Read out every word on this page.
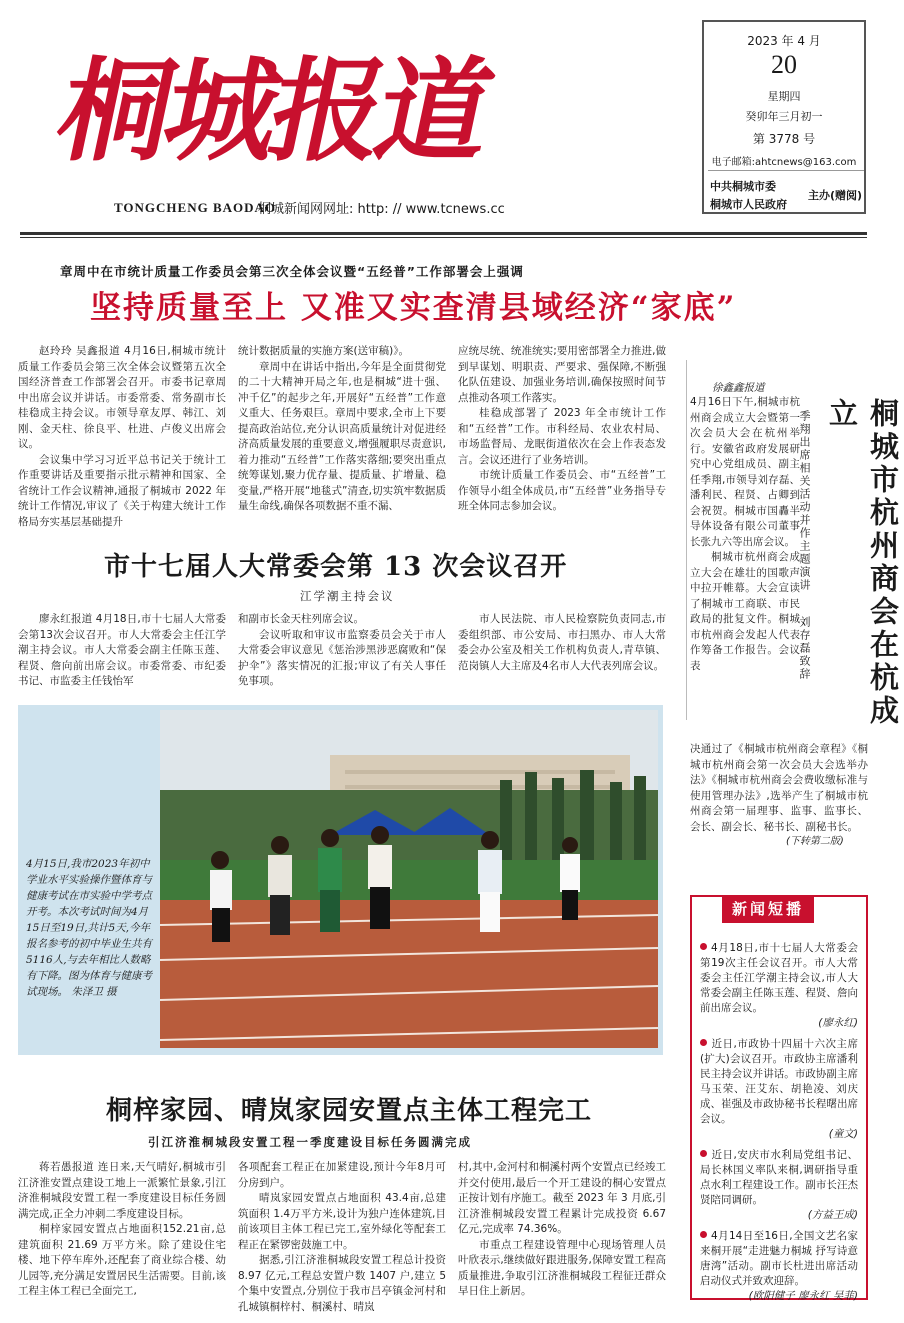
桐城报道
TONGCHENG BAODAO
桐城新闻网网址: http: // www.tcnews.cc
2023 年 4 月
20
星期四
癸卯年三月初一
第 3778 号
电子邮箱:ahtcnews@163.com
中共桐城市委
桐城市人民政府
主办(赠阅)
章周中在市统计质量工作委员会第三次全体会议暨“五经普”工作部署会上强调
坚持质量至上 又准又实查清县域经济“家底”

赵玲玲 吴鑫报道 4月16日,桐城市统计质量工作委员会第三次全体会议暨第五次全国经济普查工作部署会召开。市委书记章周中出席会议并讲话。市委常委、常务副市长桂稳成主持会议。市领导章友厚、韩江、刘刚、金天柱、徐良平、杜进、卢俊义出席会议。

会议集中学习习近平总书记关于统计工作重要讲话及重要指示批示精神和国家、全省统计工作会议精神,通报了桐城市 2022 年统计工作情况,审议了《关于构建大统计工作格局夯实基层基础提升

统计数据质量的实施方案(送审稿)》。

章周中在讲话中指出,今年是全面贯彻党的二十大精神开局之年,也是桐城“进十强、冲千亿”的起步之年,开展好“五经普”工作意义重大、任务艰巨。章周中要求,全市上下要提高政治站位,充分认识高质量统计对促进经济高质量发展的重要意义,增强履职尽责意识,着力推动“五经普”工作落实落细;要突出重点统筹谋划,聚力优存量、提质量、扩增量、稳变量,严格开展“地毯式”清查,切实筑牢数据质量生命线,确保各项数据不重不漏、

应统尽统、统准统实;要用密部署全力推进,做到早谋划、明职责、严要求、强保障,不断强化队伍建设、加强业务培训,确保按照时间节点推动各项工作落实。

桂稳成部署了 2023 年全市统计工作和“五经普”工作。市科经局、农业农村局、市场监督局、龙眠街道依次在会上作表态发言。会议还进行了业务培训。

市统计质量工作委员会、市“五经普”工作领导小组全体成员,市“五经普”业务指导专班全体同志参加会议。

市十七届人大常委会第 13 次会议召开
江学潮主持会议

廖永红报道 4月18日,市十七届人大常委会第13次会议召开。市人大常委会主任江学潮主持会议。市人大常委会副主任陈玉莲、程贤、詹向前出席会议。市委常委、市纪委书记、市监委主任钱怡军

和副市长金天柱列席会议。

会议听取和审议市监察委员会关于市人大常委会审议意见《惩治涉黑涉恶腐败和“保护伞”》落实情况的汇报;审议了有关人事任免事项。

市人民法院、市人民检察院负责同志,市委组织部、市公安局、市扫黑办、市人大常委会办公室及相关工作机构负责人,青草镇、范岗镇人大主席及4名市人大代表列席会议。

4月15日,我市2023年初中学业水平实验操作暨体育与健康考试在市实验中学考点开考。本次考试时间为4月15日至19日,共计5天,今年报名参考的初中毕业生共有5116人,与去年相比人数略有下降。图为体育与健康考试现场。 朱泽卫 摄
徐鑫鑫报道

4月16日下午,桐城市杭州商会成立大会暨第一次会员大会在杭州举行。安徽省政府发展研究中心党组成员、副主任季翔,市领导刘存磊、潘利民、程贤、占卿到会祝贺。桐城市国轟半导体设备有限公司董事长张九六等出席会议。

桐城市杭州商会成立大会在雄壮的国歌声中拉开帷幕。大会宣读了桐城市工商联、市民政局的批复文件。桐城市杭州商会发起人代表作筹备工作报告。会议表

季翔出席相关活动并作主题演讲
刘存磊致辞	桐城市杭州商会在杭成立

决通过了《桐城市杭州商会章程》《桐城市杭州商会第一次会员大会选举办法》《桐城市杭州商会会费收缴标准与使用管理办法》,选举产生了桐城市杭州商会第一届理事、监事、监事长、会长、副会长、秘书长、副秘书长。

(下转第二版)
桐梓家园、晴岚家园安置点主体工程完工
引江济淮桐城段安置工程一季度建设目标任务圆满完成

蒋若愚报道 连日来,天气晴好,桐城市引江济淮安置点建设工地上一派繁忙景象,引江济淮桐城段安置工程一季度建设目标任务圆满完成,正全力冲刺二季度建设目标。

桐梓家园安置点占地面积152.21亩,总建筑面积 21.69 万平方米。除了建设住宅楼、地下停车库外,还配套了商业综合楼、幼儿园等,充分满足安置居民生活需要。目前,该工程主体工程已全面完工,

各项配套工程正在加紧建设,预计今年8月可分房到户。

晴岚家园安置点占地面积 43.4亩,总建筑面积 1.4万平方米,设计为独户连体建筑,目前该项目主体工程已完工,室外绿化等配套工程正在紧锣密鼓施工中。

据悉,引江济淮桐城段安置工程总计投资 8.97 亿元,工程总安置户数 1407 户,建立 5 个集中安置点,分别位于我市吕亭镇金河村和孔城镇桐梓村、桐溪村、晴岚

村,其中,金河村和桐溪村两个安置点已经竣工并交付使用,最后一个开工建设的桐心安置点正按计划有序施工。截至 2023 年 3 月底,引江济淮桐城段安置工程累计完成投资 6.67 亿元,完成率 74.36%。

市重点工程建设管理中心现场管理人员叶欣表示,继续做好跟进服务,保障安置工程高质量推进,争取引江济淮桐城段工程征迁群众早日住上新居。

新闻短播
4月18日,市十七届人大常委会第19次主任会议召开。市人大常委会主任江学潮主持会议,市人大常委会副主任陈玉莲、程贤、詹向前出席会议。
(廖永红)
近日,市政协十四届十六次主席(扩大)会议召开。市政协主席潘利民主持会议并讲话。市政协副主席马玉荣、汪艾东、胡艳凌、刘庆成、崔强及市政协秘书长程曙出席会议。
(童文)
近日,安庆市水利局党组书记、局长林国义率队来桐,调研指导重点水利工程建设工作。副市长汪杰贤陪同调研。
(方益王成)
4月14日至16日,全国文艺名家来桐开展“走进魅力桐城 抒写诗意唐湾”活动。副市长杜进出席活动启动仪式并致欢迎辞。
(欧阳健子 廖永红 吴菲)
